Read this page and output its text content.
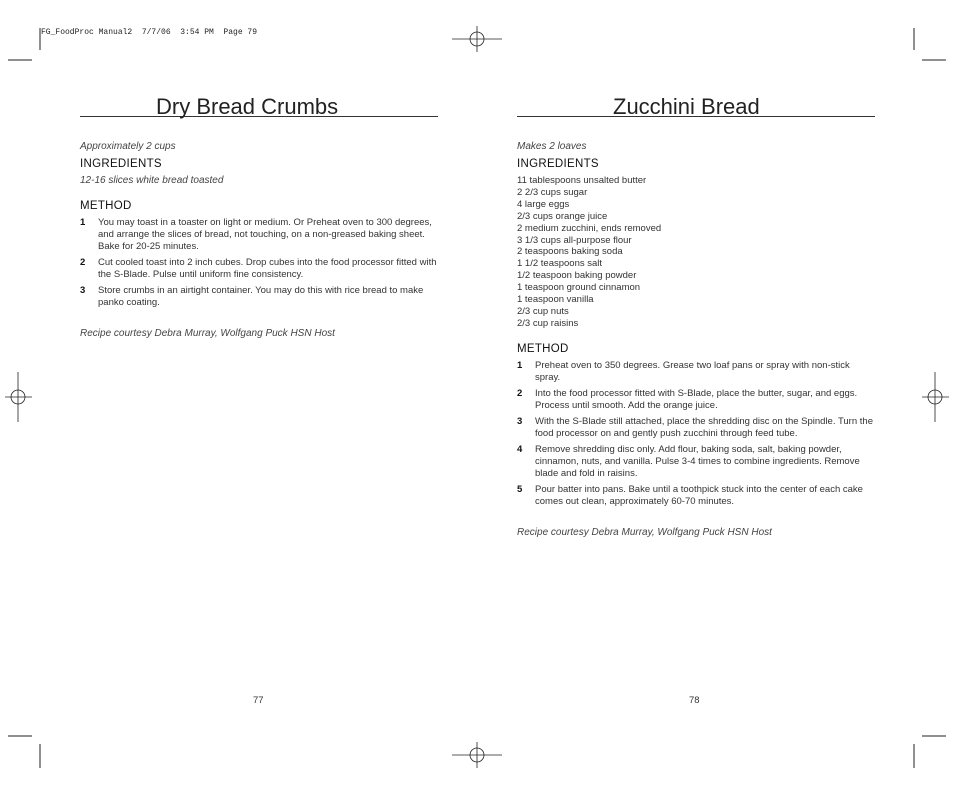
FG_FoodProc Manual2  7/7/06  3:54 PM  Page 79
Dry Bread Crumbs
Approximately 2 cups
INGREDIENTS
12-16 slices white bread toasted
METHOD
1	You may toast in a toaster on light or medium. Or Preheat oven to 300 degrees, and arrange the slices of bread, not touching, on a non-greased baking sheet. Bake for 20-25 minutes.
2	Cut cooled toast into 2 inch cubes. Drop cubes into the food processor fitted with the S-Blade. Pulse until uniform fine consistency.
3	Store crumbs in an airtight container. You may do this with rice bread to make panko coating.
Recipe courtesy Debra Murray, Wolfgang Puck HSN Host
Zucchini Bread
Makes 2 loaves
INGREDIENTS
11 tablespoons unsalted butter
2 2/3 cups sugar
4 large eggs
2/3 cups orange juice
2 medium zucchini, ends removed
3 1/3 cups all-purpose flour
2 teaspoons baking soda
1 1/2 teaspoons salt
1/2 teaspoon baking powder
1 teaspoon ground cinnamon
1 teaspoon vanilla
2/3 cup nuts
2/3 cup raisins
METHOD
1	Preheat oven to 350 degrees. Grease two loaf pans or spray with non-stick spray.
2	Into the food processor fitted with S-Blade, place the butter, sugar, and eggs. Process until smooth. Add the orange juice.
3	With the S-Blade still attached, place the shredding disc on the Spindle. Turn the food processor on and gently push zucchini through feed tube.
4	Remove shredding disc only. Add flour, baking soda, salt, baking powder, cinnamon, nuts, and vanilla. Pulse 3-4 times to combine ingredients. Remove blade and fold in raisins.
5	Pour batter into pans. Bake until a toothpick stuck into the center of each cake comes out clean, approximately 60-70 minutes.
Recipe courtesy Debra Murray, Wolfgang Puck HSN Host
77	78
